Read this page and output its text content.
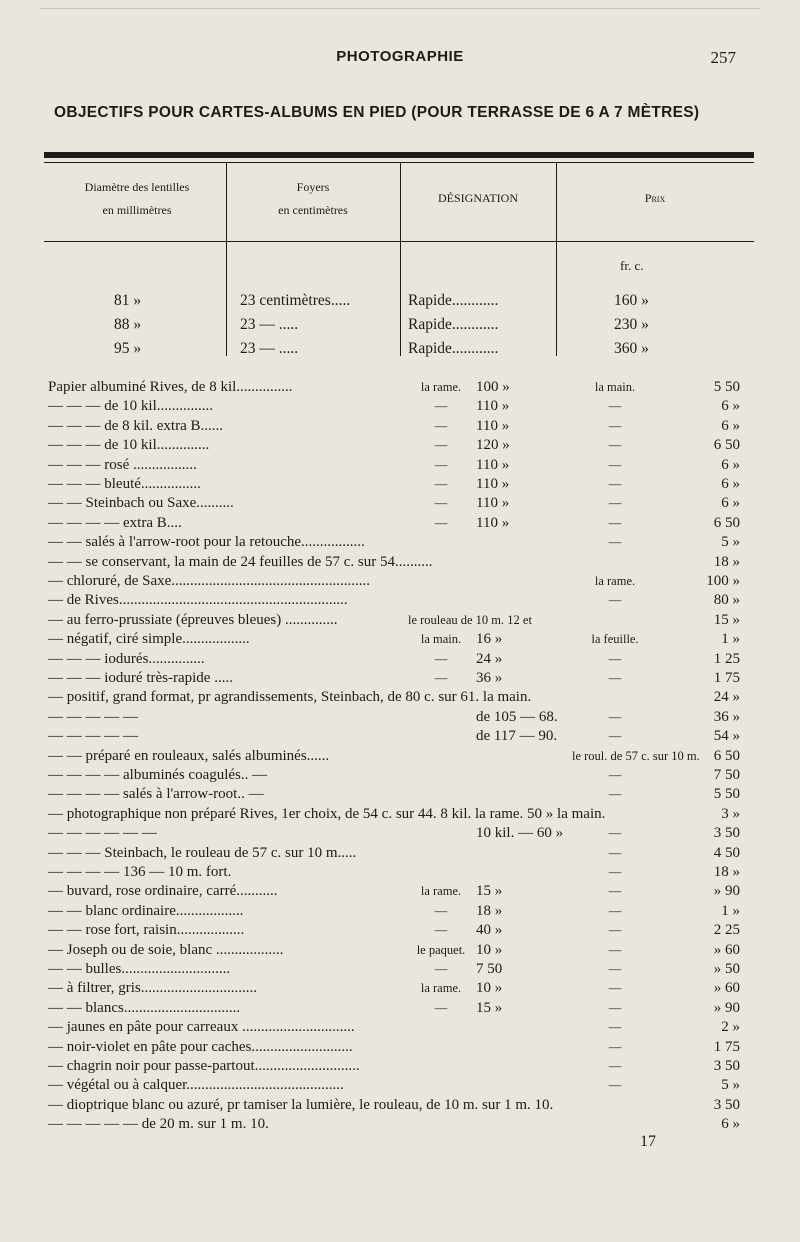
PHOTOGRAPHIE	257
OBJECTIFS POUR CARTES-ALBUMS EN PIED (POUR TERRASSE DE 6 A 7 MÈTRES)
Diamètre des lentilles
en millimètres
Foyers
en centimètres
DÉSIGNATION	Prix
fr. c.
81 »	23 centimètres.....	Rapide............	160 »
88 »	23 — .....	Rapide............	230 »
95 »	23 — .....	Rapide............	360 »
Papier albuminé Rives, de 8 kil...............	la rame. 100 »	la main.	5 50
— — — de 10 kil...............	—	110 »	—	6 »
— — — de 8 kil. extra B......	—	110 »	—	6 »
— — — de 10 kil..............	—	120 »	—	6 50
— — — rosé .................	—	110 »	—	6 »
— — — bleuté................	—	110 »	—	6 »
— — Steinbach ou Saxe..........	—	110 »	—	6 »
— — — — extra B....	—	110 »	—	6 50
— — salés à l'arrow-root pour la retouche.................	—	5 »
— — se conservant, la main de 24 feuilles de 57 c. sur 54..........	18 »
— chloruré, de Saxe.....................................................	la rame.	100 »
— de Rives.............................................................	—	80 »
— au ferro-prussiate (épreuves bleues) ..............	le rouleau de 10 m. 12 et	15 »
— négatif, ciré simple..................	la main. 16 »	la feuille.	1 »
— — — iodurés...............	—	24 »	—	1 25
— — — ioduré très-rapide .....	—	36 »	—	1 75
— positif, grand format, pr agrandissements, Steinbach, de 80 c. sur 61. la main.	24 »
— — — — —	de 105 — 68.	—	36 »
— — — — —	de 117 — 90.	—	54 »
— — préparé en rouleaux, salés albuminés......	le roul. de 57 c. sur 10 m. 6 50
— — — — albuminés coagulés.. —	—	7 50
— — — — salés à l'arrow-root.. —	—	5 50
— photographique non préparé Rives, 1er choix, de 54 c. sur 44. 8 kil. la rame. 50 » la main.	3 »
— — — — — —	10 kil. — 60 »	—	3 50
— — — Steinbach, le rouleau de 57 c. sur 10 m.....	—	4 50
— — — — 136 — 10 m. fort.	—	18 »
— buvard, rose ordinaire, carré...........	la rame. 15 »	—	» 90
— — blanc ordinaire..................	—	18 »	—	1 »
— — rose fort, raisin..................	—	40 »	—	2 25
— Joseph ou de soie, blanc ..................	le paquet. 10 »	—	» 60
— — bulles.............................	—	7 50	—	» 50
— à filtrer, gris...............................	la rame. 10 »	—	» 60
— — blancs...............................	—	15 »	—	» 90
— jaunes en pâte pour carreaux ..............................	—	2 »
— noir-violet en pâte pour caches...........................	—	1 75
— chagrin noir pour passe-partout............................	—	3 50
— végétal ou à calquer..........................................	—	5 »
— dioptrique blanc ou azuré, pr tamiser la lumière, le rouleau, de 10 m. sur 1 m. 10.	3 50
— — — — — de 20 m. sur 1 m. 10.	6 »
17
